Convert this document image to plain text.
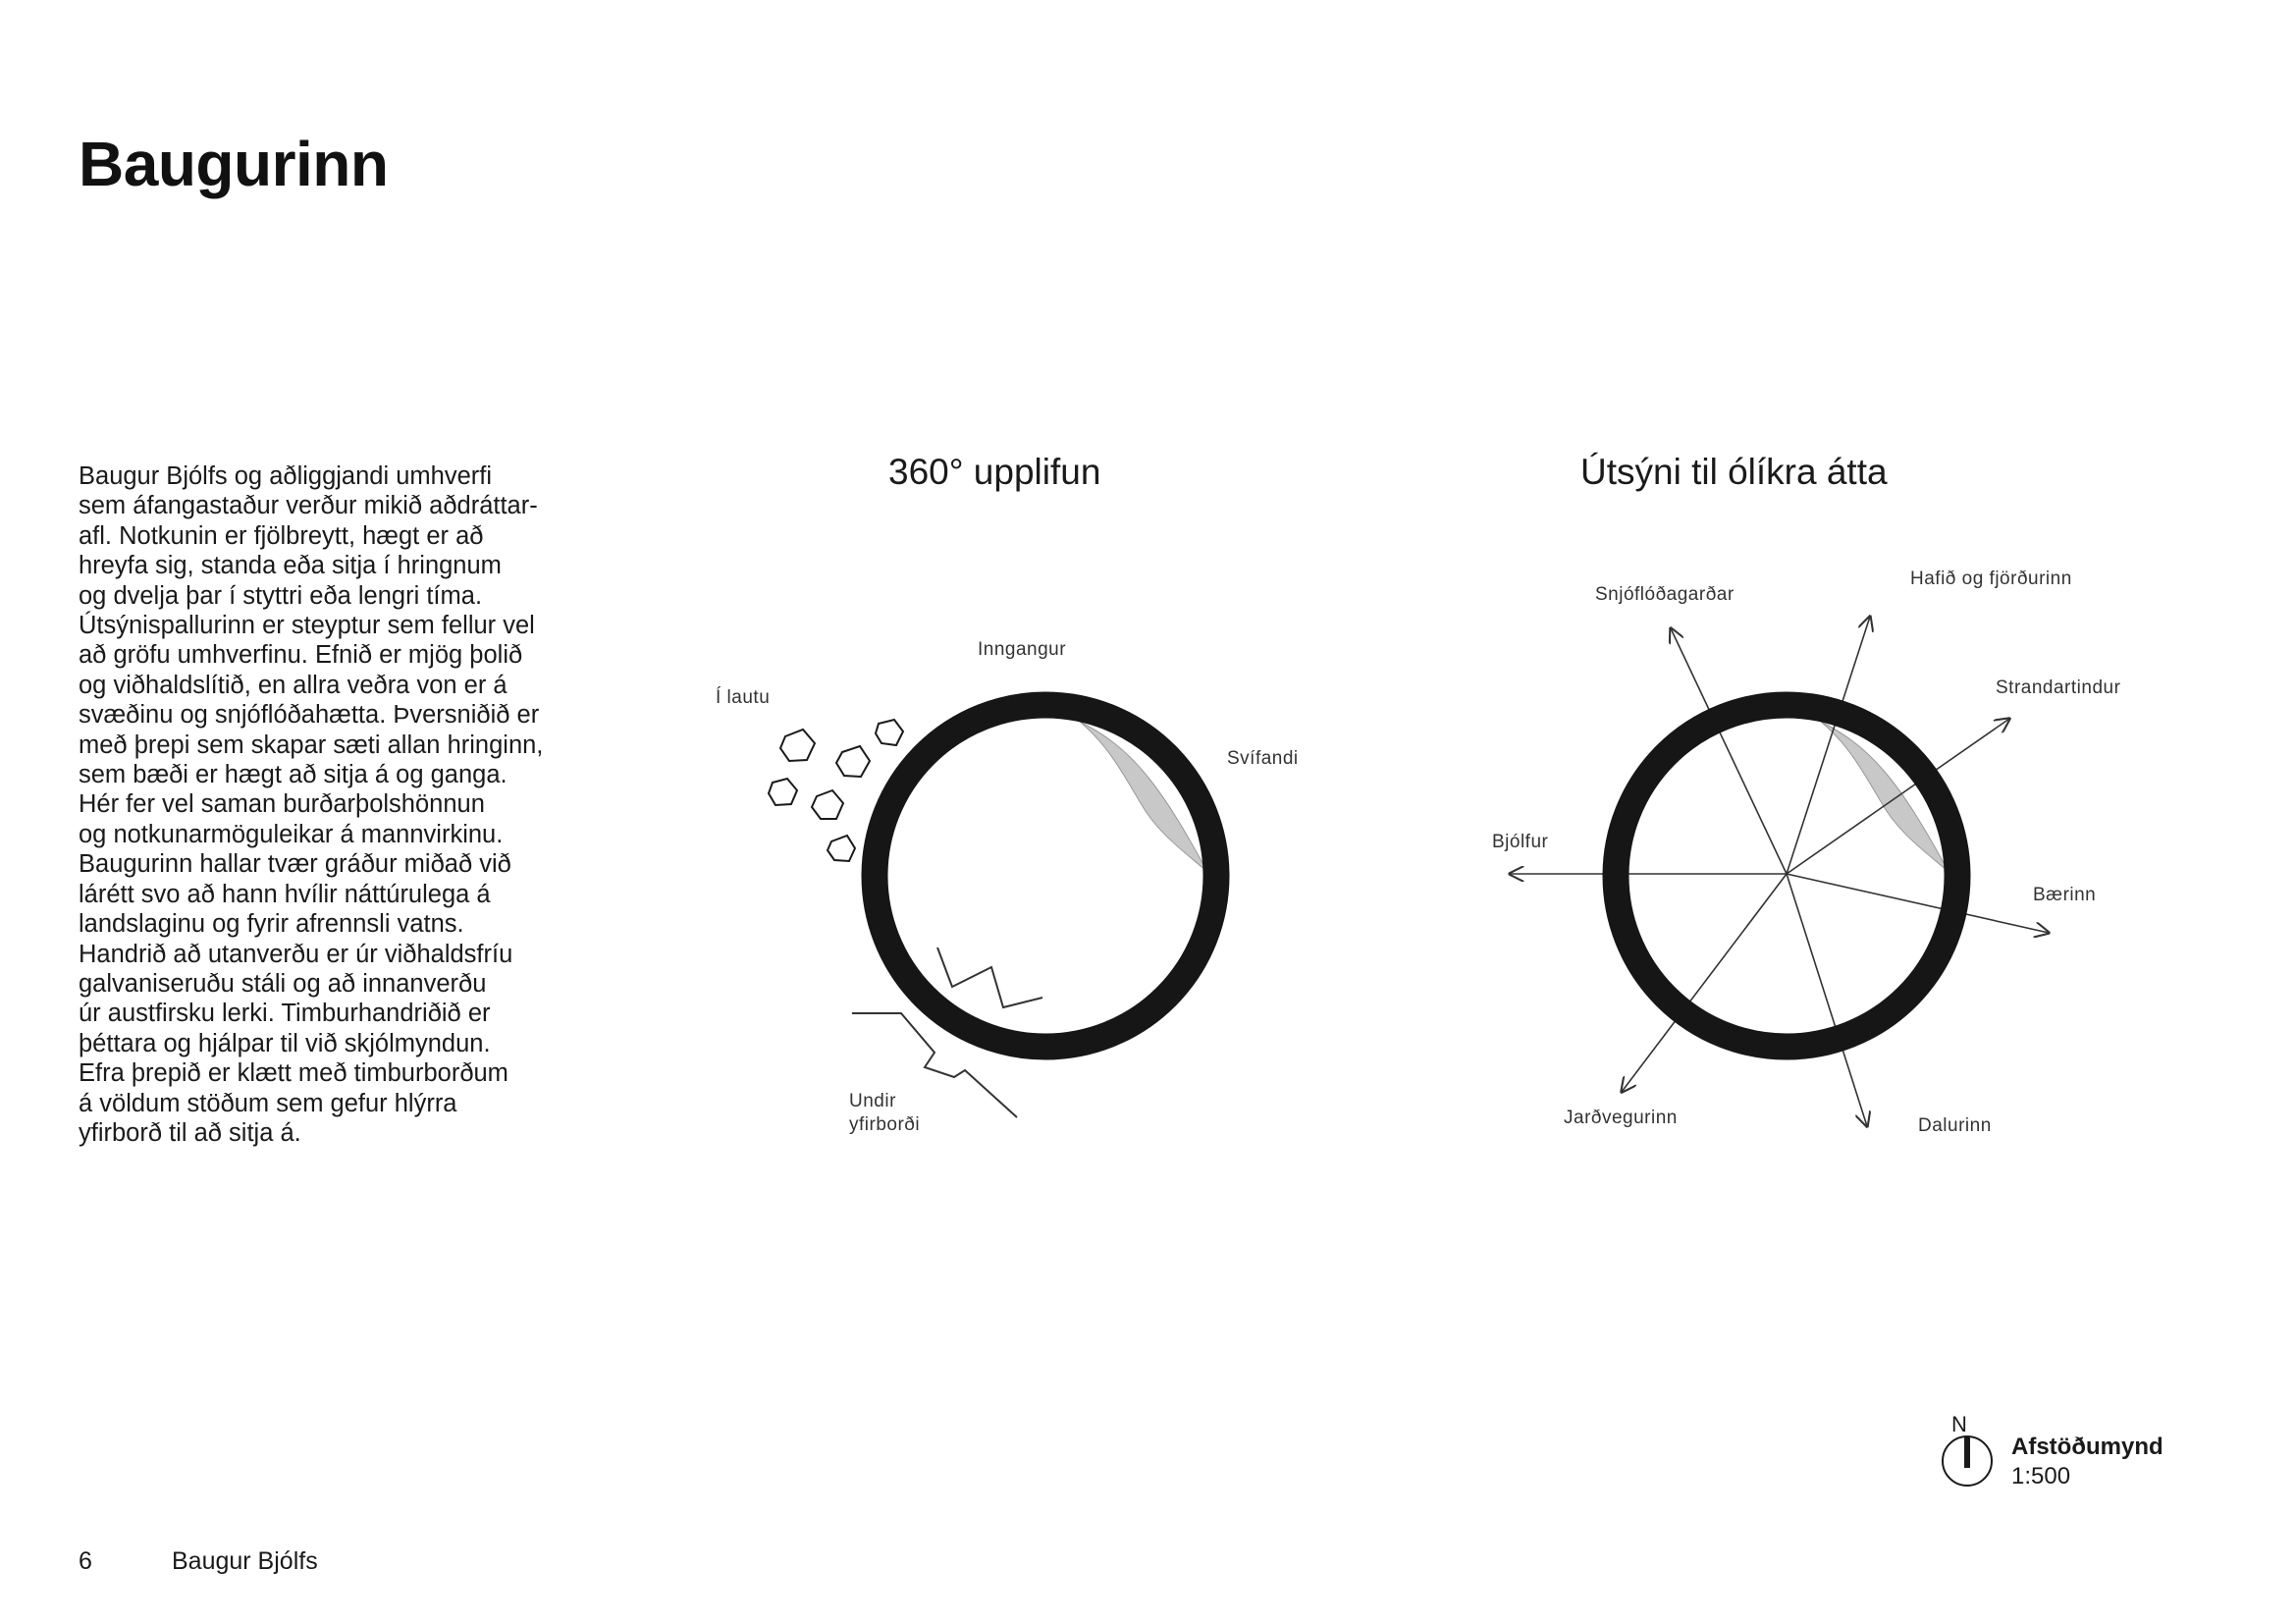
Baugurinn
Baugur Bjólfs og aðliggjandi umhverfi
sem áfangastaður verður mikið aðdráttar-
afl. Notkunin er fjölbreytt, hægt er að
hreyfa sig, standa eða sitja í hringnum
og dvelja þar í styttri eða lengri tíma.
Útsýnispallurinn er steyptur sem fellur vel
að gröfu umhverfinu. Efnið er mjög þolið
og viðhaldslítið, en allra veðra von er á
svæðinu og snjóflóðahætta. Þversniðið er
með þrepi sem skapar sæti allan hringinn,
sem bæði er hægt að sitja á og ganga.
Hér fer vel saman burðarþolshönnun
og notkunarmöguleikar á mannvirkinu.
Baugurinn hallar tvær gráður miðað við
lárétt svo að hann hvílir náttúrulega á
landslaginu og fyrir afrennsli vatns.
Handrið að utanverðu er úr viðhaldsfríu
galvaniseruðu stáli og að innanverðu
úr austfirsku lerki. Timburhandriðið er
þéttara og hjálpar til við skjólmyndun.
Efra þrepið er klætt með timburborðum
á völdum stöðum sem gefur hlýrra
yfirborð til að sitja á.
360° upplifun	Útsýni til ólíkra átta
Inngangur
Í lautu
Svífandi
Undir
yfirborði
Snjóflóðagarðar
Hafið og fjörðurinn
Strandartindur
Bjólfur
Bærinn
Jarðvegurinn	Dalurinn
N
Afstöðumynd
1:500
6	Baugur Bjólfs
